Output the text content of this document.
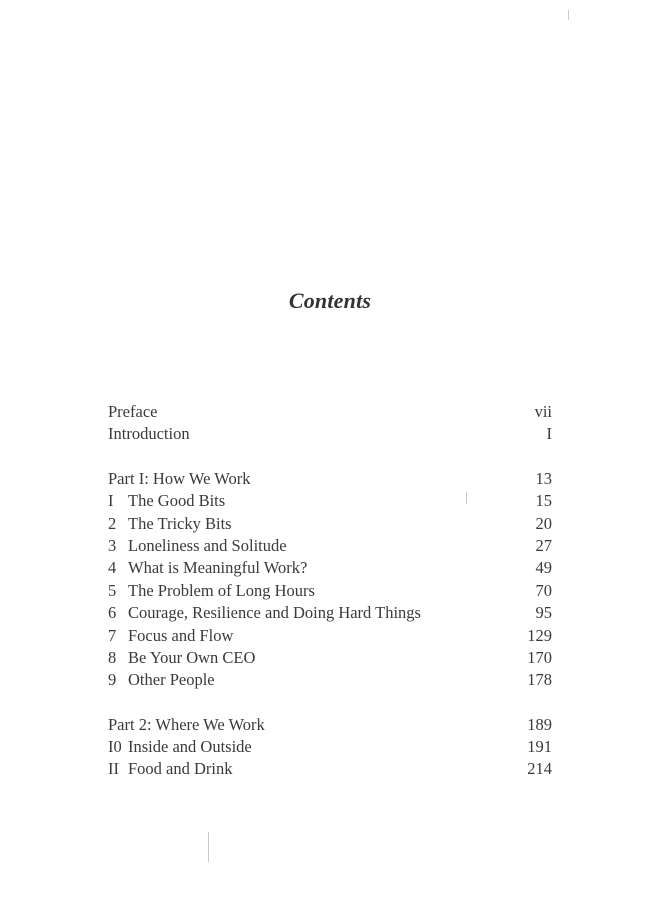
Contents
Preface	vii
Introduction	I
Part I: How We Work	13
I The Good Bits	15
2 The Tricky Bits	20
3 Loneliness and Solitude	27
4 What is Meaningful Work?	49
5 The Problem of Long Hours	70
6 Courage, Resilience and Doing Hard Things	95
7 Focus and Flow	129
8 Be Your Own CEO	170
9 Other People	178
Part 2: Where We Work	189
I0 Inside and Outside	191
II Food and Drink	214
